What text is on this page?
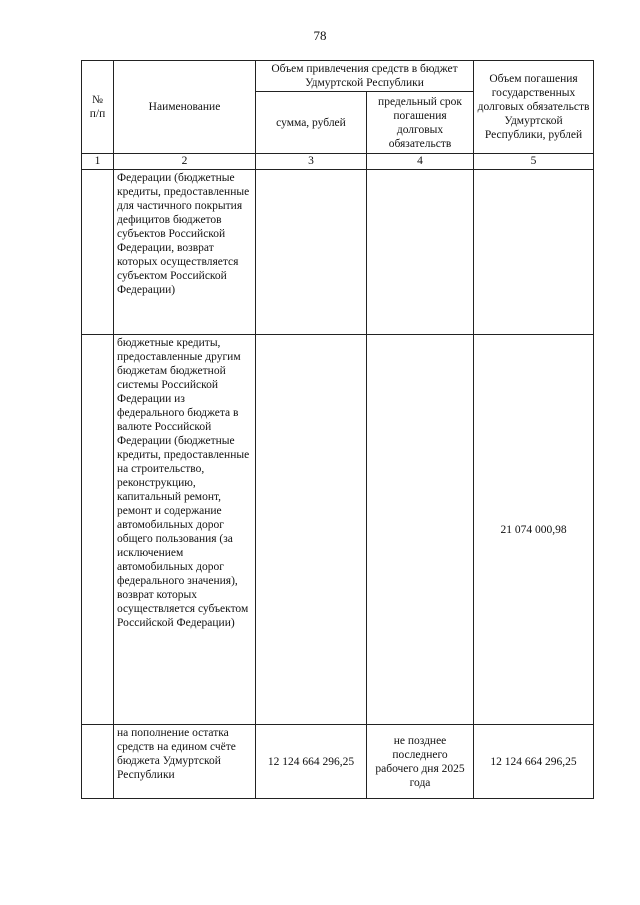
78
№
п/п	Наименование	Объем привлечения средств в бюджет Удмуртской Республики		Объем погашения государственных долговых обязательств Удмуртской Республики, рублей
		сумма, рублей	предельный срок погашения долговых обязательств	
1	2	3	4	5
	Федерации (бюджетные кредиты, предоставленные для частичного покрытия дефицитов бюджетов субъектов Российской Федерации, возврат которых осуществляется субъектом Российской Федерации)			
	бюджетные кредиты, предоставленные другим бюджетам бюджетной системы Российской Федерации из федерального бюджета в валюте Российской Федерации (бюджетные кредиты, предоставленные на строительство, реконструкцию, капитальный ремонт, ремонт и содержание автомобильных дорог общего пользования (за исключением автомобильных дорог федерального значения), возврат которых осуществляется субъектом Российской Федерации)			21 074 000,98
	на пополнение остатка средств на едином счёте бюджета Удмуртской Республики	12 124 664 296,25	не позднее последнего рабочего дня 2025 года	12 124 664 296,25
